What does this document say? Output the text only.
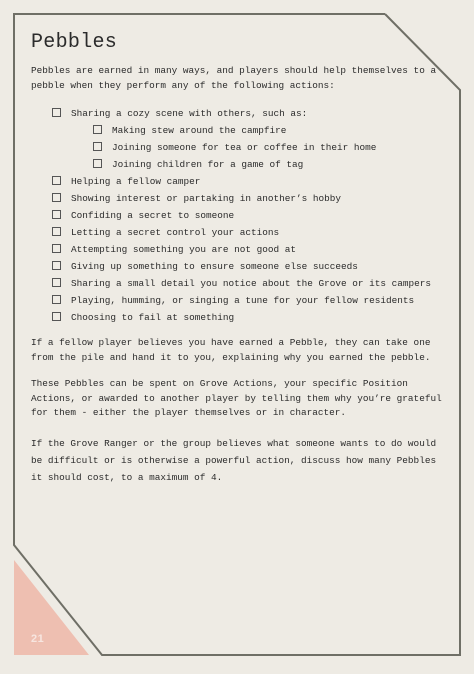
21
Pebbles

Pebbles are earned in many ways, and players should help themselves to a pebble when they perform any of the following actions:

Sharing a cozy scene with others, such as:
Making stew around the campfire
Joining someone for tea or coffee in their home
Joining children for a game of tag
Helping a fellow camper
Showing interest or partaking in another’s hobby
Confiding a secret to someone
Letting a secret control your actions
Attempting something you are not good at
Giving up something to ensure someone else succeeds
Sharing a small detail you notice about the Grove or its campers
Playing, humming, or singing a tune for your fellow residents
Choosing to fail at something

If a fellow player believes you have earned a Pebble, they can take one from the pile and hand it to you, explaining why you earned the pebble.

These Pebbles can be spent on Grove Actions, your specific Position Actions, or awarded to another player by telling them why you’re grateful for them - either the player themselves or in character.

If the Grove Ranger or the group believes what someone wants to do would be difficult or is otherwise a powerful action, discuss how many Pebbles it should cost, to a maximum of 4.
